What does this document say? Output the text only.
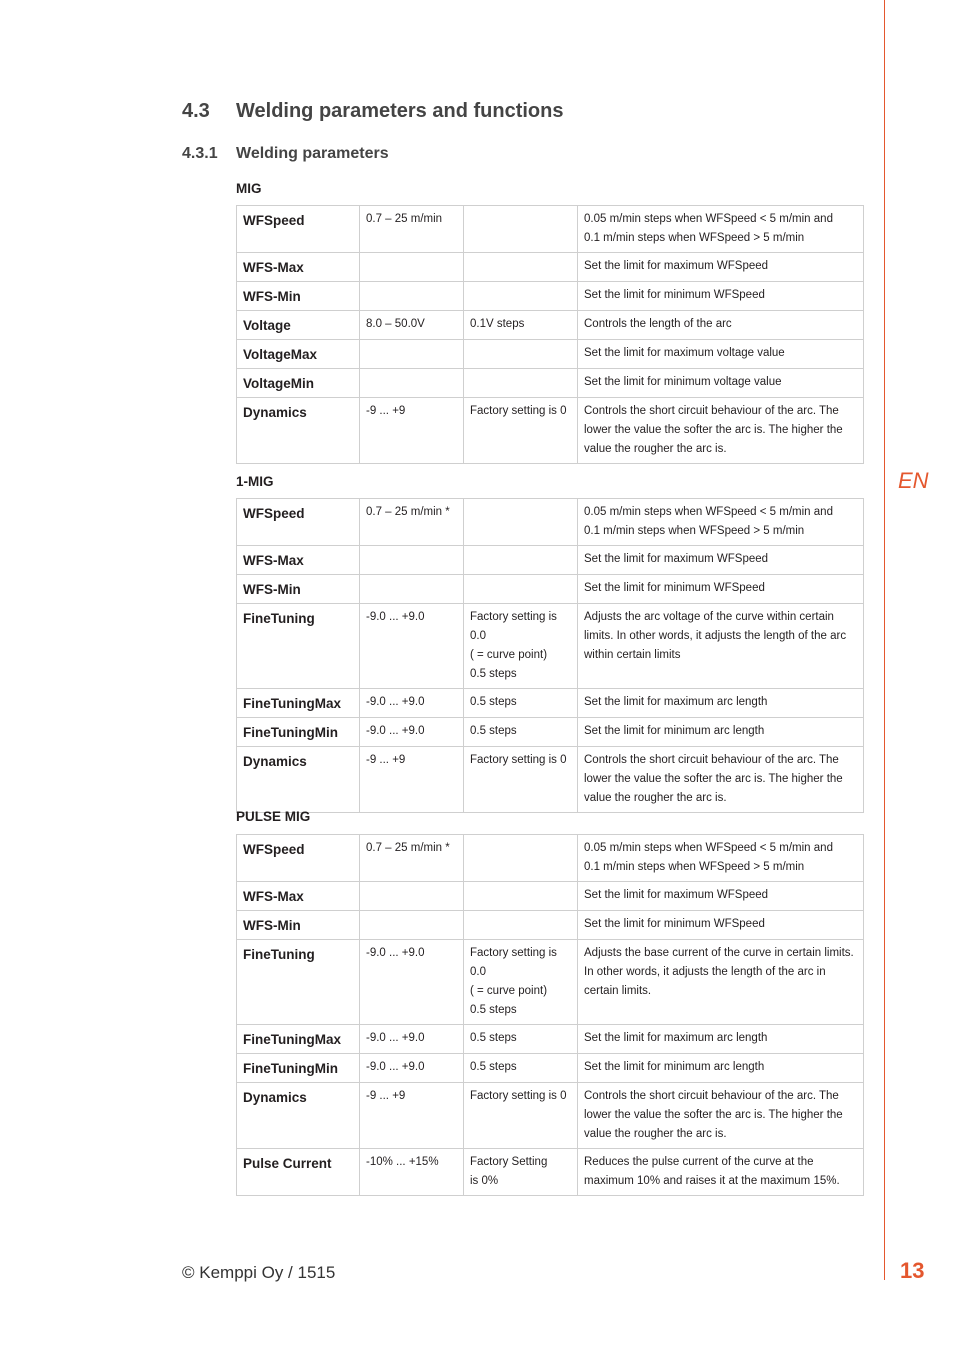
EN
4.3 Welding parameters and functions
4.3.1 Welding parameters
MIG
WFSpeed	0.7 – 25 m/min		0.05 m/min steps when WFSpeed < 5 m/min and
0.1 m/min steps when WFSpeed > 5 m/min
WFS-Max			Set the limit for maximum WFSpeed
WFS-Min			Set the limit for minimum WFSpeed
Voltage	8.0 – 50.0V	0.1V steps	Controls the length of the arc
VoltageMax			Set the limit for maximum voltage value
VoltageMin			Set the limit for minimum voltage value
Dynamics	-9 ... +9	Factory setting is 0	Controls the short circuit behaviour of the arc. The lower the value the softer the arc is. The higher the value the rougher the arc is.
1-MIG
WFSpeed	0.7 – 25 m/min *		0.05 m/min steps when WFSpeed < 5 m/min and
0.1 m/min steps when WFSpeed > 5 m/min
WFS-Max			Set the limit for maximum WFSpeed
WFS-Min			Set the limit for minimum WFSpeed
FineTuning	-9.0 ... +9.0	Factory setting is 0.0
( = curve point)
0.5 steps	Adjusts the arc voltage of the curve within certain limits. In other words, it adjusts the length of the arc within certain limits
FineTuningMax	-9.0 ... +9.0	0.5 steps	Set the limit for maximum arc length
FineTuningMin	-9.0 ... +9.0	0.5 steps	Set the limit for minimum arc length
Dynamics	-9 ... +9	Factory setting is 0	Controls the short circuit behaviour of the arc. The lower the value the softer the arc is. The higher the value the rougher the arc is.
PULSE MIG
WFSpeed	0.7 – 25 m/min *		0.05 m/min steps when WFSpeed < 5 m/min and
0.1 m/min steps when WFSpeed > 5 m/min
WFS-Max			Set the limit for maximum WFSpeed
WFS-Min			Set the limit for minimum WFSpeed
FineTuning	-9.0 ... +9.0	Factory setting is 0.0
( = curve point)
0.5 steps	Adjusts the base current of the curve in certain limits. In other words, it adjusts the length of the arc in certain limits.
FineTuningMax	-9.0 ... +9.0	0.5 steps	Set the limit for maximum arc length
FineTuningMin	-9.0 ... +9.0	0.5 steps	Set the limit for minimum arc length
Dynamics	-9 ... +9	Factory setting is 0	Controls the short circuit behaviour of the arc. The lower the value the softer the arc is. The higher the value the rougher the arc is.
Pulse Current	-10% ... +15%	Factory Setting
is 0%	Reduces the pulse current of the curve at the maximum 10% and raises it at the maximum 15%.
© Kemppi Oy / 1515	13
